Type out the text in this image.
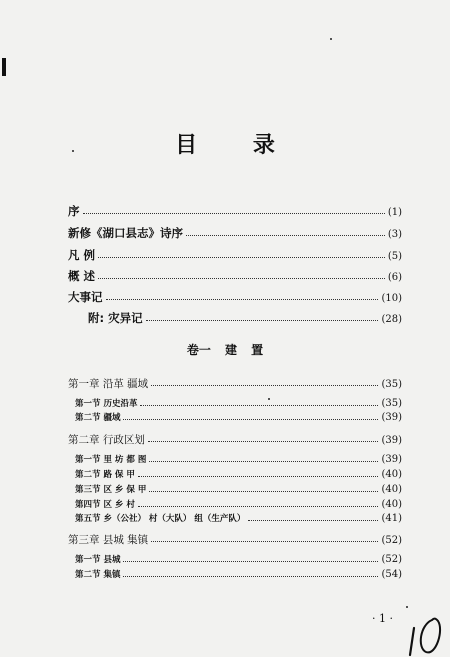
目 录
序	(1)
新修《湖口县志》诗序	(3)
凡 例	(5)
概 述	(6)
大事记	(10)
附: 灾异记	(28)
卷一 建 置
第一章 沿革 疆域	(35)
第一节 历史沿革	(35)
第二节 疆域	(39)
第二章 行政区划	(39)
第一节 里 坊 都 图	(39)
第二节 路 保 甲	(40)
第三节 区 乡 保 甲	(40)
第四节 区 乡 村	(40)
第五节 乡（公社） 村（大队） 组（生产队）	(41)
第三章 县城 集镇	(52)
第一节 县城	(52)
第二节 集镇	(54)
· 1 ·
